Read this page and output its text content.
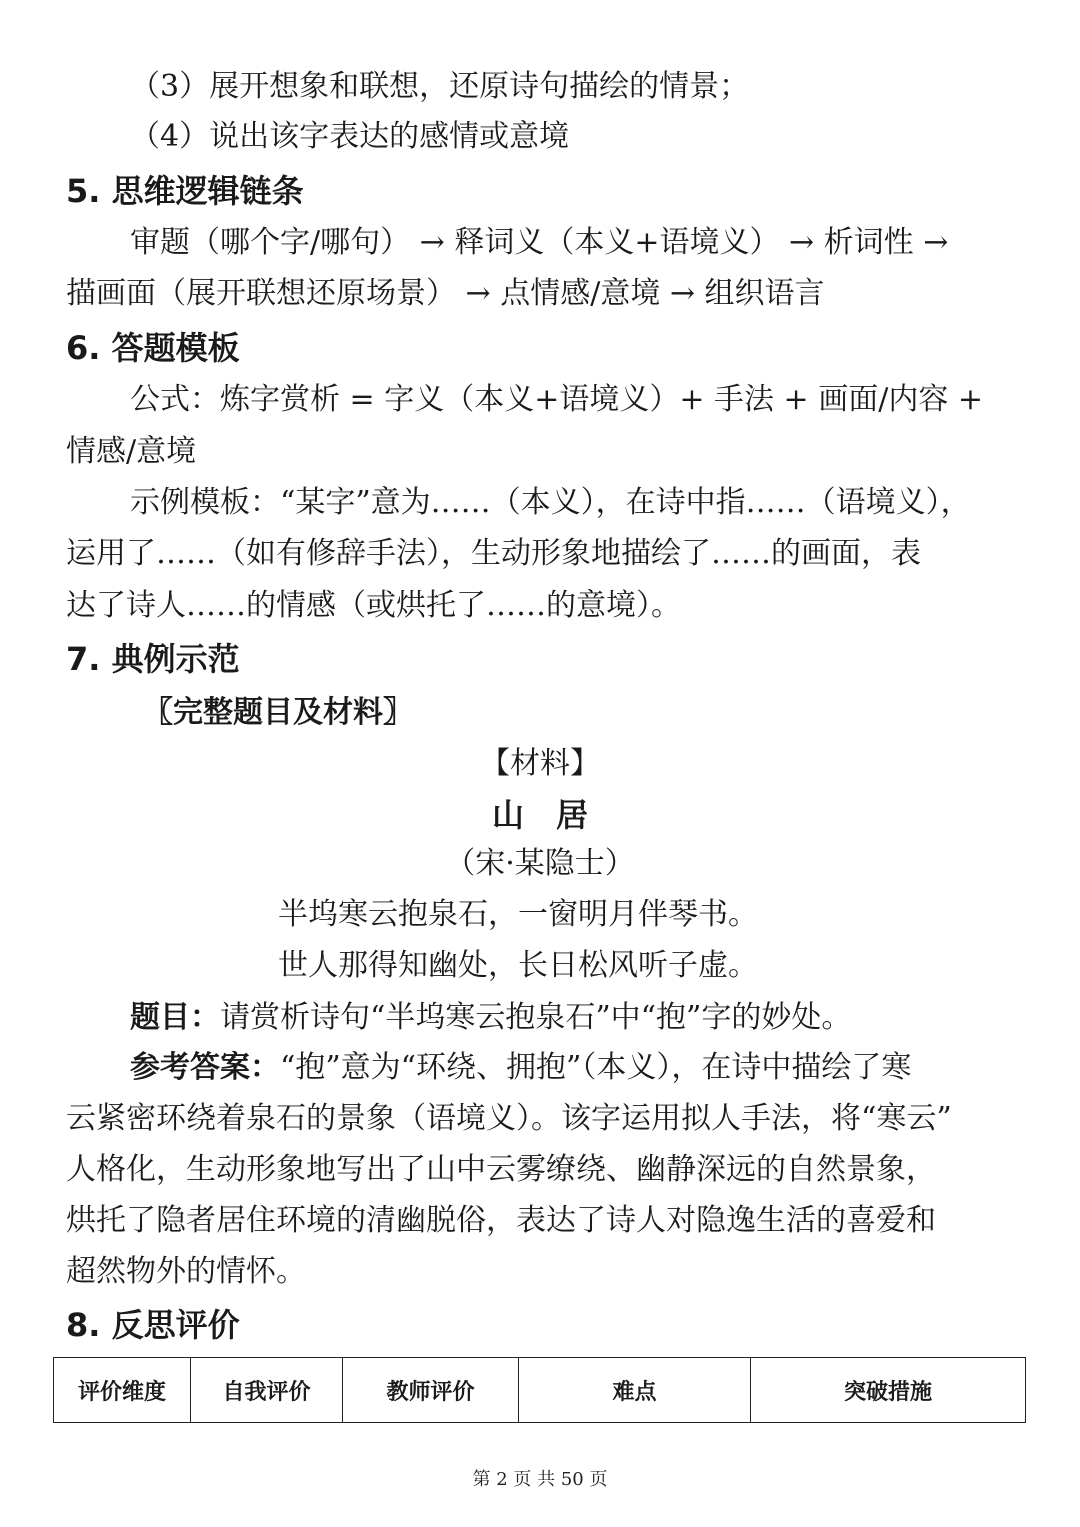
（3）展开想象和联想，还原诗句描绘的情景；
（4）说出该字表达的感情或意境
5. 思维逻辑链条
审题（哪个字/哪句） → 释词义（本义+语境义） → 析词性 →
描画面（展开联想还原场景） → 点情感/意境 → 组织语言
6. 答题模板
公式：炼字赏析 = 字义（本义+语境义）+ 手法 + 画面/内容 +
情感/意境
示例模板：“某字”意为……（本义），在诗中指……（语境义），
运用了……（如有修辞手法），生动形象地描绘了……的画面，表
达了诗人……的情感（或烘托了……的意境）。
7. 典例示范
〖完整题目及材料〗
【材料】
山　居
（宋·某隐士）
半坞寒云抱泉石，一窗明月伴琴书。
世人那得知幽处，长日松风听子虚。
题目：请赏析诗句“半坞寒云抱泉石”中“抱”字的妙处。
参考答案：“抱”意为“环绕、拥抱”（本义），在诗中描绘了寒
云紧密环绕着泉石的景象（语境义）。该字运用拟人手法，将“寒云”
人格化，生动形象地写出了山中云雾缭绕、幽静深远的自然景象，
烘托了隐者居住环境的清幽脱俗，表达了诗人对隐逸生活的喜爱和
超然物外的情怀。
8. 反思评价
评价维度	自我评价	教师评价	难点	突破措施
第 2 页 共 50 页
